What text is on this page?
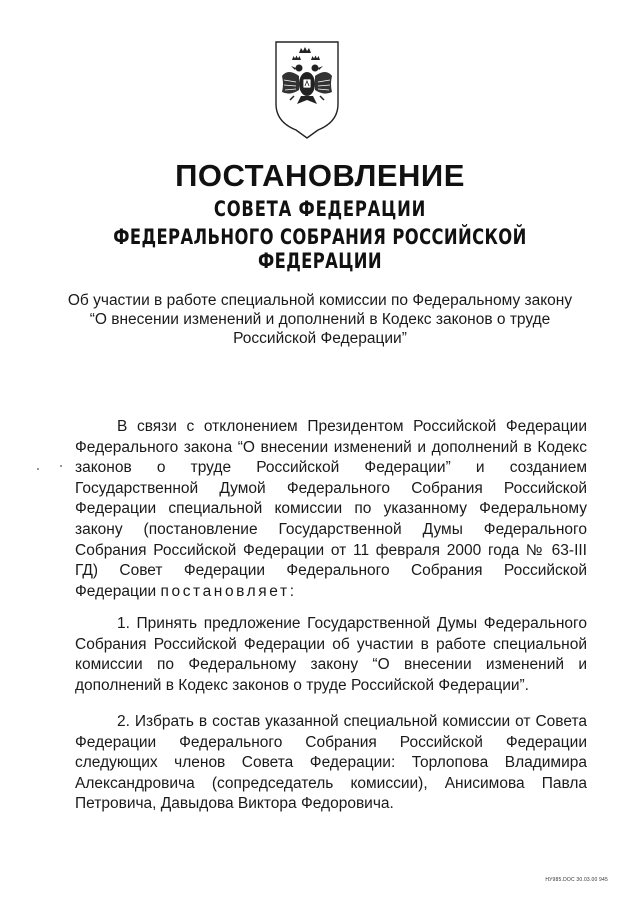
ПОСТАНОВЛЕНИЕ
СОВЕТА ФЕДЕРАЦИИ
ФЕДЕРАЛЬНОГО СОБРАНИЯ РОССИЙСКОЙ ФЕДЕРАЦИИ
Об участии в работе специальной комиссии по Федеральному закону “О внесении изменений и дополнений в Кодекс законов о труде Российской Федерации”

В связи с отклонением Президентом Российской Федерации Федерального закона “О внесении изменений и дополнений в Кодекс законов о труде Российской Федерации” и созданием Государственной Думой Федерального Собрания Российской Федерации специальной комиссии по указанному Федеральному закону (постановление Государственной Думы Федерального Собрания Российской Федерации от 11 февраля 2000 года № 63-III ГД) Совет Федерации Федерального Собрания Российской Федерации постановляет:

1. Принять предложение Государственной Думы Федерального Собрания Российской Федерации об участии в работе специальной комиссии по Федеральному закону “О внесении изменений и дополнений в Кодекс законов о труде Российской Федерации”.

2. Избрать в состав указанной специальной комиссии от Совета Федерации Федерального Собрания Российской Федерации следующих членов Совета Федерации: Торлопова Владимира Александровича (сопредседатель комиссии), Анисимова Павла Петровича, Давыдова Виктора Федоровича.

НУ985.DOC 30.03.00 945
